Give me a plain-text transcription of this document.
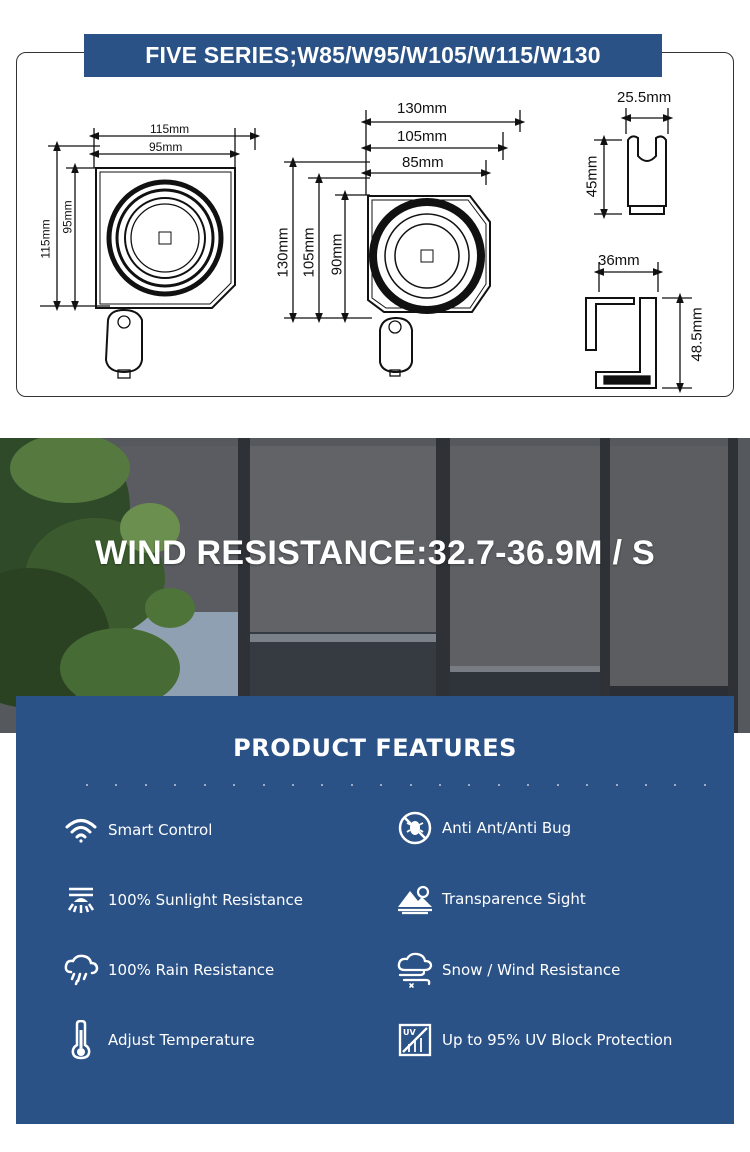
FIVE SERIES;W85/W95/W105/W115/W130
115mm
95mm
115mm
95mm
130mm
105mm
85mm
130mm 105mm 90mm
25.5mm
45mm
36mm
48.5mm
WIND RESISTANCE:32.7-36.9M / S
PRODUCT FEATURES
Smart Control	Anti Ant/Anti Bug
100% Sunlight Resistance	Transparence Sight
100% Rain Resistance	Snow / Wind Resistance
Adjust Temperature	UV Up to 95% UV Block Protection
